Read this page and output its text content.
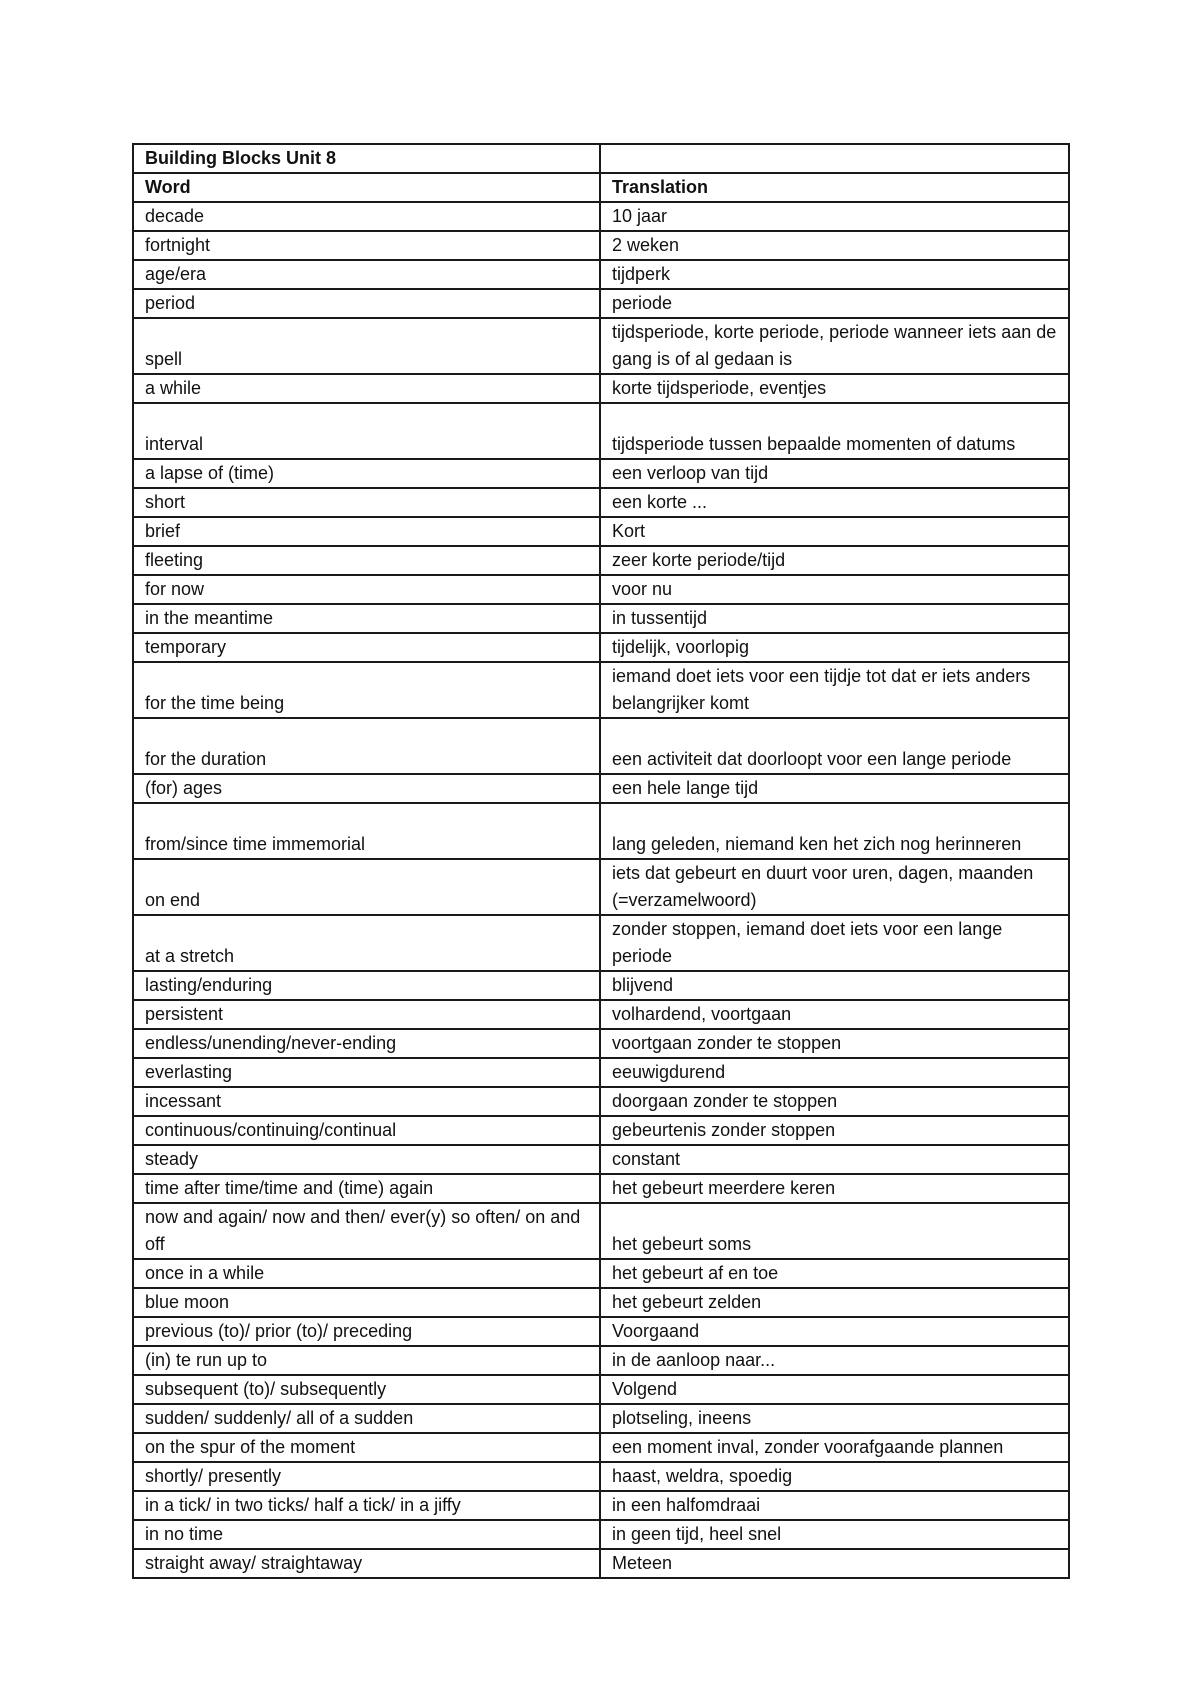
Building Blocks Unit 8	
Word	Translation
decade	10 jaar
fortnight	2 weken
age/era	tijdperk
period	periode
spell	tijdsperiode, korte periode, periode wanneer iets aan de gang is of al gedaan is
a while	korte tijdsperiode, eventjes
interval	tijdsperiode tussen bepaalde momenten of datums
a lapse of (time)	een verloop van tijd
short	een korte ...
brief	Kort
fleeting	zeer korte periode/tijd
for now	voor nu
in the meantime	in tussentijd
temporary	tijdelijk, voorlopig
for the time being	iemand doet iets voor een tijdje tot dat er iets anders belangrijker komt
for the duration	een activiteit dat doorloopt voor een lange periode
(for) ages	een hele lange tijd
from/since time immemorial	lang geleden, niemand ken het zich nog herinneren
on end	iets dat gebeurt en duurt voor uren, dagen, maanden (=verzamelwoord)
at a stretch	zonder stoppen, iemand doet iets voor een lange periode
lasting/enduring	blijvend
persistent	volhardend, voortgaan
endless/unending/never-ending	voortgaan zonder te stoppen
everlasting	eeuwigdurend
incessant	doorgaan zonder te stoppen
continuous/continuing/continual	gebeurtenis zonder stoppen
steady	constant
time after time/time and (time) again	het gebeurt meerdere keren
now and again/ now and then/ ever(y) so often/ on and off	het gebeurt soms
once in a while	het gebeurt af en toe
blue moon	het gebeurt zelden
previous (to)/ prior (to)/ preceding	Voorgaand
(in) te run up to	in de aanloop naar...
subsequent (to)/ subsequently	Volgend
sudden/ suddenly/ all of a sudden	plotseling, ineens
on the spur of the moment	een moment inval, zonder voorafgaande plannen
shortly/ presently	haast, weldra, spoedig
in a tick/ in two ticks/ half a tick/ in a jiffy	in een halfomdraai
in no time	in geen tijd, heel snel
straight away/ straightaway	Meteen
